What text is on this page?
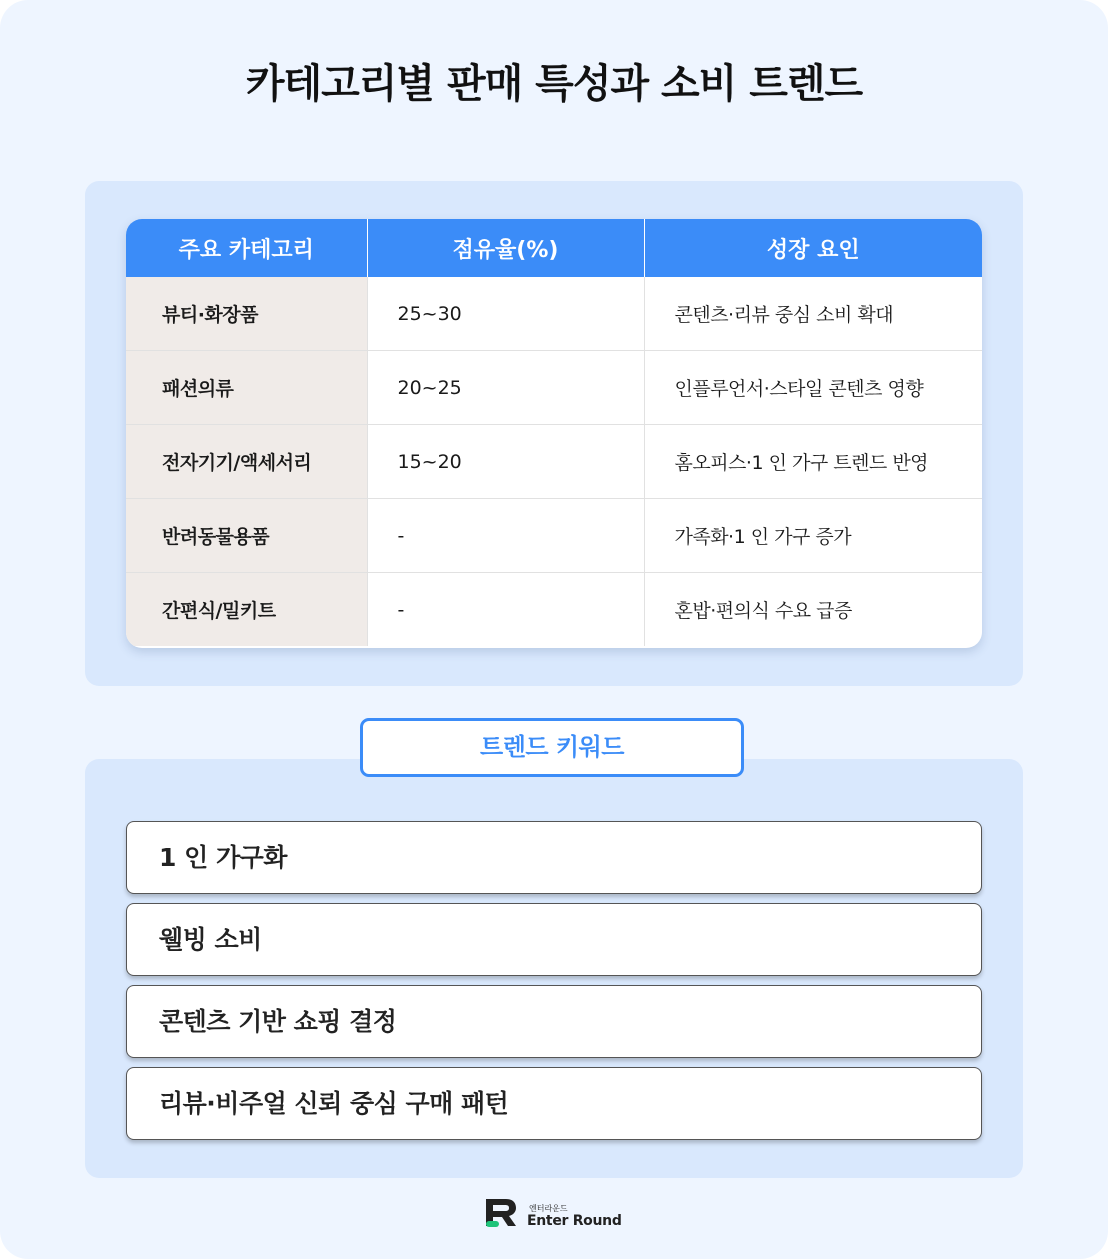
카테고리별 판매 특성과 소비 트렌드
주요 카테고리	점유율(%)	성장 요인
뷰티·화장품	25~30	콘텐츠·리뷰 중심 소비 확대
패션의류	20~25	인플루언서·스타일 콘텐츠 영향
전자기기/액세서리	15~20	홈오피스·1 인 가구 트렌드 반영
반려동물용품	-	가족화·1 인 가구 증가
간편식/밀키트	-	혼밥·편의식 수요 급증
트렌드 키워드
1 인 가구화
웰빙 소비
콘텐츠 기반 쇼핑 결정
리뷰·비주얼 신뢰 중심 구매 패턴
엔터라운드
Enter Round
